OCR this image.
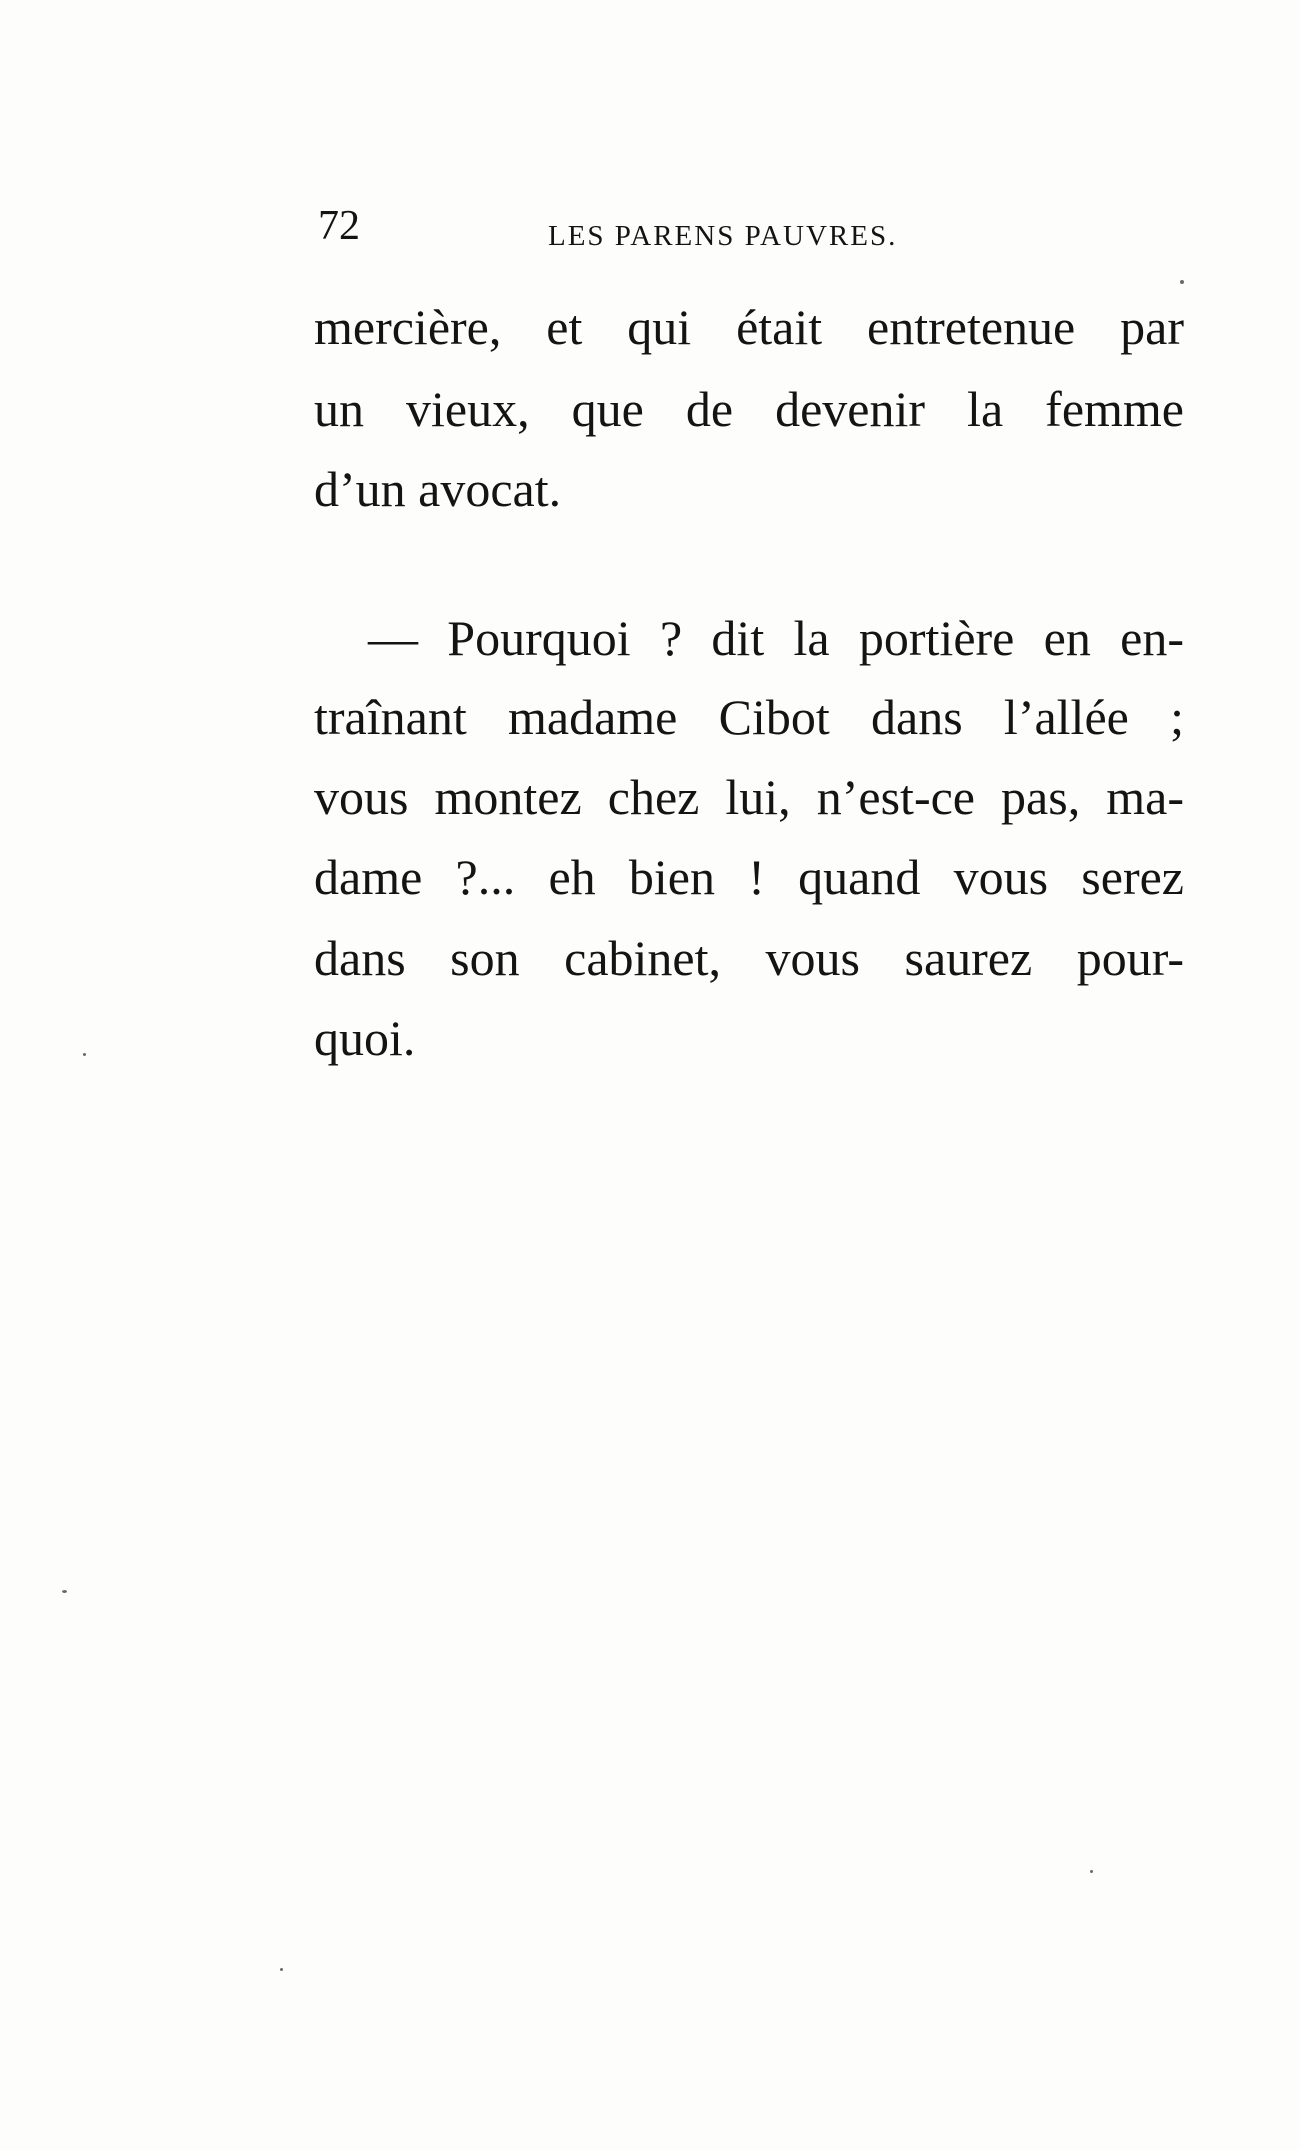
72	LES PARENS PAUVRES.
mercière, et qui était entretenue par
un vieux, que de devenir la femme
d’un avocat.
— Pourquoi ? dit la portière en en-
traînant madame Cibot dans l’allée ;
vous montez chez lui, n’est-ce pas, ma-
dame ?... eh bien ! quand vous serez
dans son cabinet, vous saurez pour-
quoi.
